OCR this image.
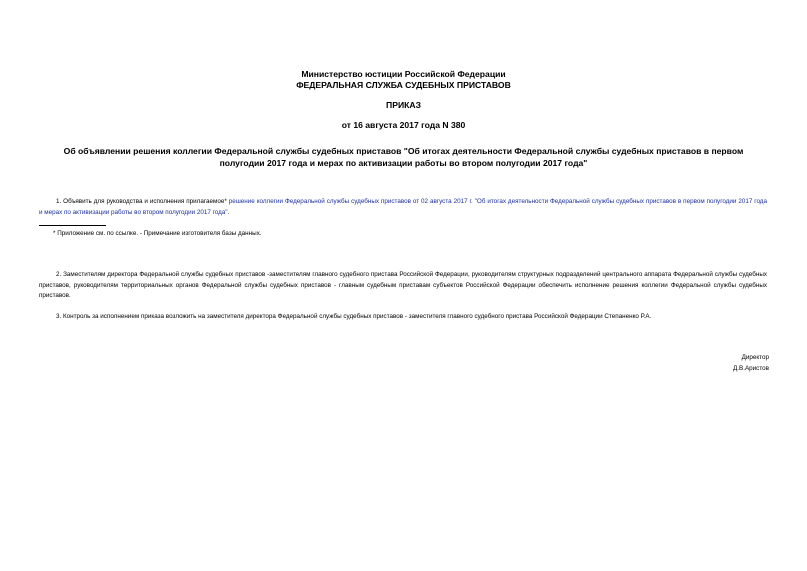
Министерство юстиции Российской Федерации
ФЕДЕРАЛЬНАЯ СЛУЖБА СУДЕБНЫХ ПРИСТАВОВ
ПРИКАЗ
от 16 августа 2017 года N 380
Об объявлении решения коллегии Федеральной службы судебных приставов "Об итогах деятельности Федеральной службы судебных приставов в первом полугодии 2017 года и мерах по активизации работы во втором полугодии 2017 года"
1. Объявить для руководства и исполнения прилагаемое* решение коллегии Федеральной службы судебных приставов от 02 августа 2017 г. "Об итогах деятельности Федеральной службы судебных приставов в первом полугодии 2017 года и мерах по активизации работы во втором полугодии 2017 года".
* Приложение см. по ссылке. - Примечание изготовителя базы данных.
2. Заместителям директора Федеральной службы судебных приставов -заместителям главного судебного пристава Российской Федерации, руководителям структурных подразделений центрального аппарата Федеральной службы судебных приставов, руководителям территориальных органов Федеральной службы судебных приставов - главным судебным приставам субъектов Российской Федерации обеспечить исполнение решения коллегии Федеральной службы судебных приставов.
3. Контроль за исполнением приказа возложить на заместителя директора Федеральной службы судебных приставов - заместителя главного судебного пристава Российской Федерации Степаненко Р.А.
Директор
Д.В.Аристов
